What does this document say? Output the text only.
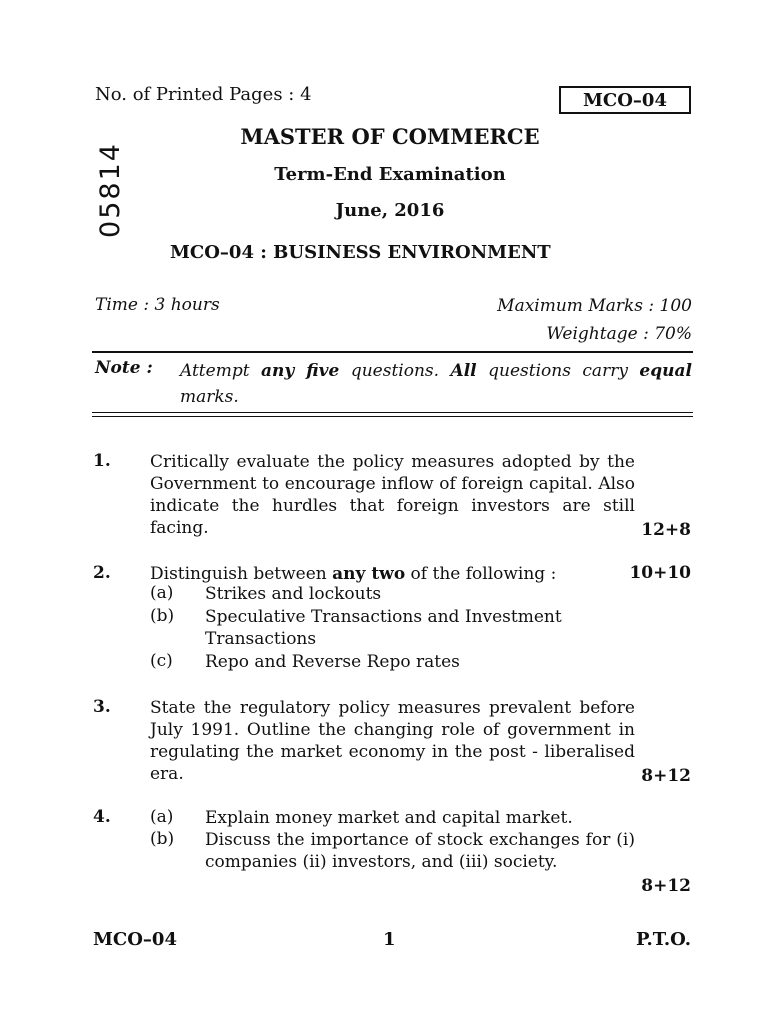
No. of Printed Pages : 4	MCO–04
05814
MASTER OF COMMERCE
Term-End Examination
June, 2016
MCO–04 : BUSINESS ENVIRONMENT
Time : 3 hours	Maximum Marks : 100
Weightage : 70%
Note : Attempt any five questions. All questions carry equal marks.
1. Critically evaluate the policy measures adopted by the Government to encourage inflow of foreign capital. Also indicate the hurdles that foreign investors are still facing.	12+8
2. Distinguish between any two of the following :	10+10
(a) Strikes and lockouts
(b) Speculative Transactions and Investment Transactions
(c) Repo and Reverse Repo rates
3. State the regulatory policy measures prevalent before July 1991. Outline the changing role of government in regulating the market economy in the post - liberalised era.	8+12
4. (a) Explain money market and capital market.
(b) Discuss the importance of stock exchanges for (i) companies (ii) investors, and (iii) society.
8+12
MCO–04	1	P.T.O.
